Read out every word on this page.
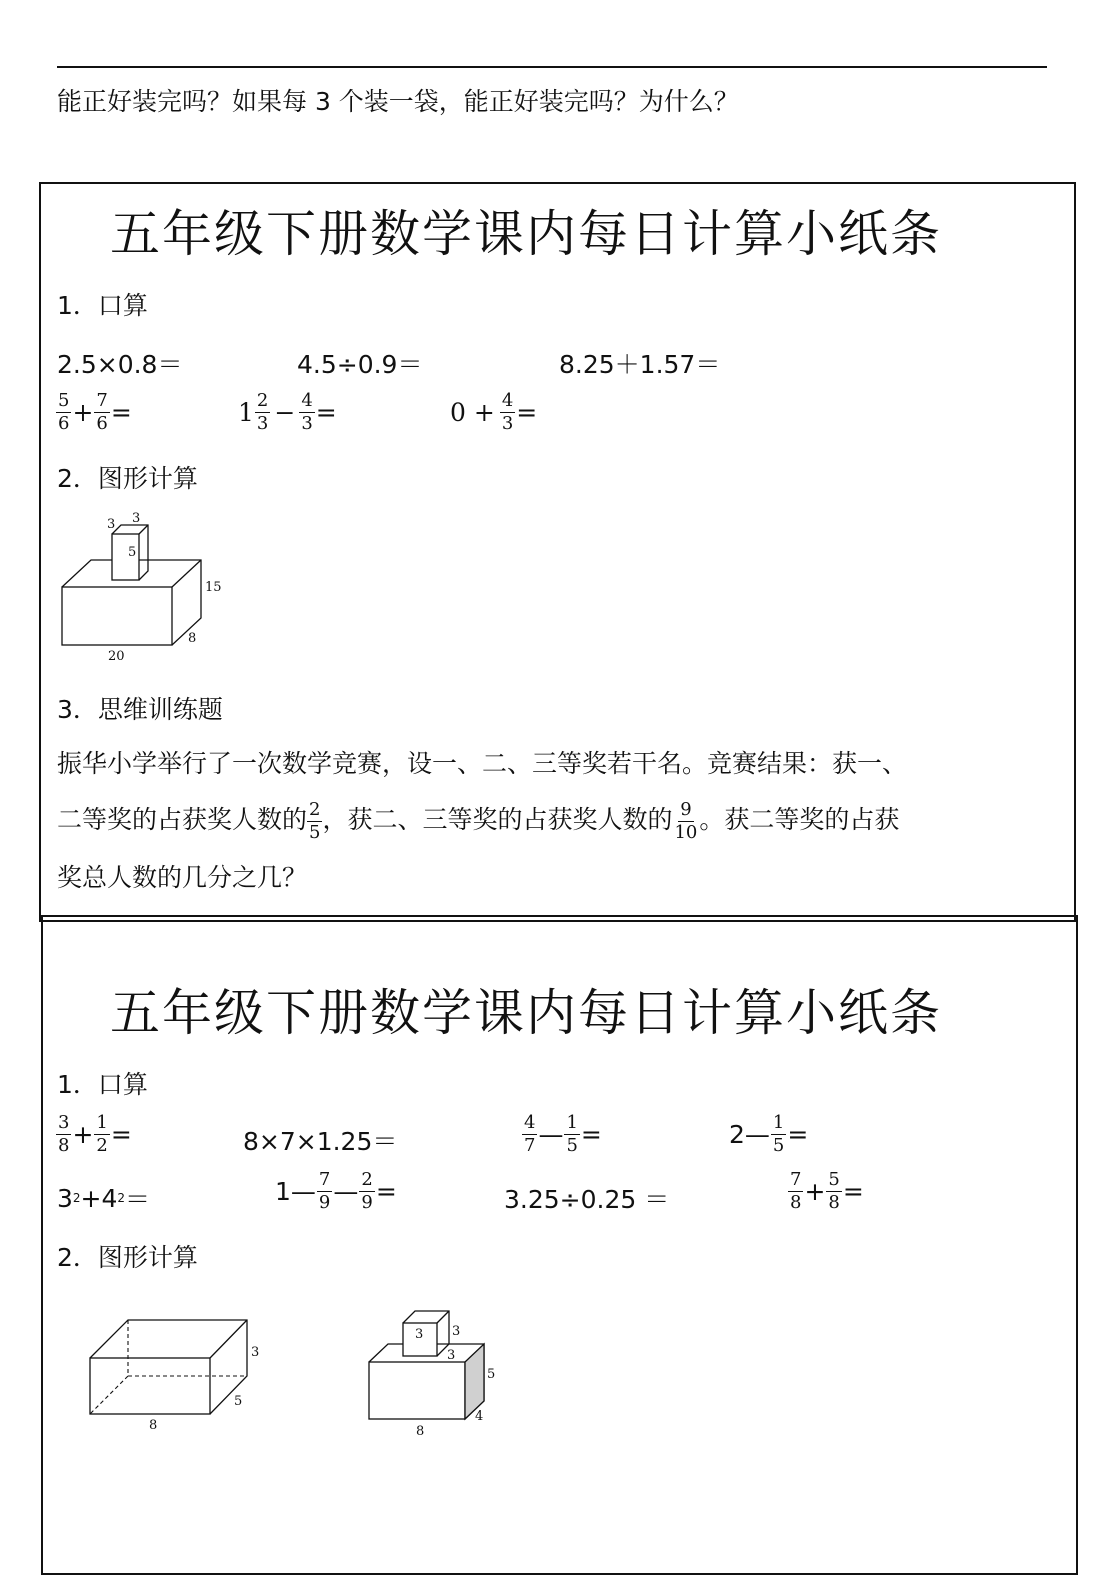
能正好装完吗？如果每 3 个装一袋，能正好装完吗？为什么？
五年级下册数学课内每日计算小纸条
1．口算
2.5×0.8＝	4.5÷0.9＝	8.25＋1.57＝
$\frac{5}{6} + \frac{7}{6}$ =	$1 \frac{2}{3} - \frac{4}{3}$ =	$0 + \frac{4}{3}$ =
2．图形计算
3 3
5
15
8
20
3．思维训练题
振华小学举行了一次数学竞赛，设一、二、三等奖若干名。竞赛结果：获一、
二等奖的占获奖人数的 $\frac{2}{5}$ ，获二、三等奖的占获奖人数的 $\frac{9}{10}$ 。获二等奖的占获
奖总人数的几分之几？
五年级下册数学课内每日计算小纸条
1．口算
$\frac{3}{8} + \frac{1}{2}$ =	8×7×1.25＝	$\frac{4}{7}$ — $\frac{1}{5}$ =	2— $\frac{1}{5}$ =
3 2 + 4 2 ＝	1— $\frac{7}{9}$ — $\frac{2}{9}$ =	3.25÷0.25 ＝	$\frac{7}{8} + \frac{5}{8}$ =
2．图形计算
3
5
8
3 3
3
5
4
8
